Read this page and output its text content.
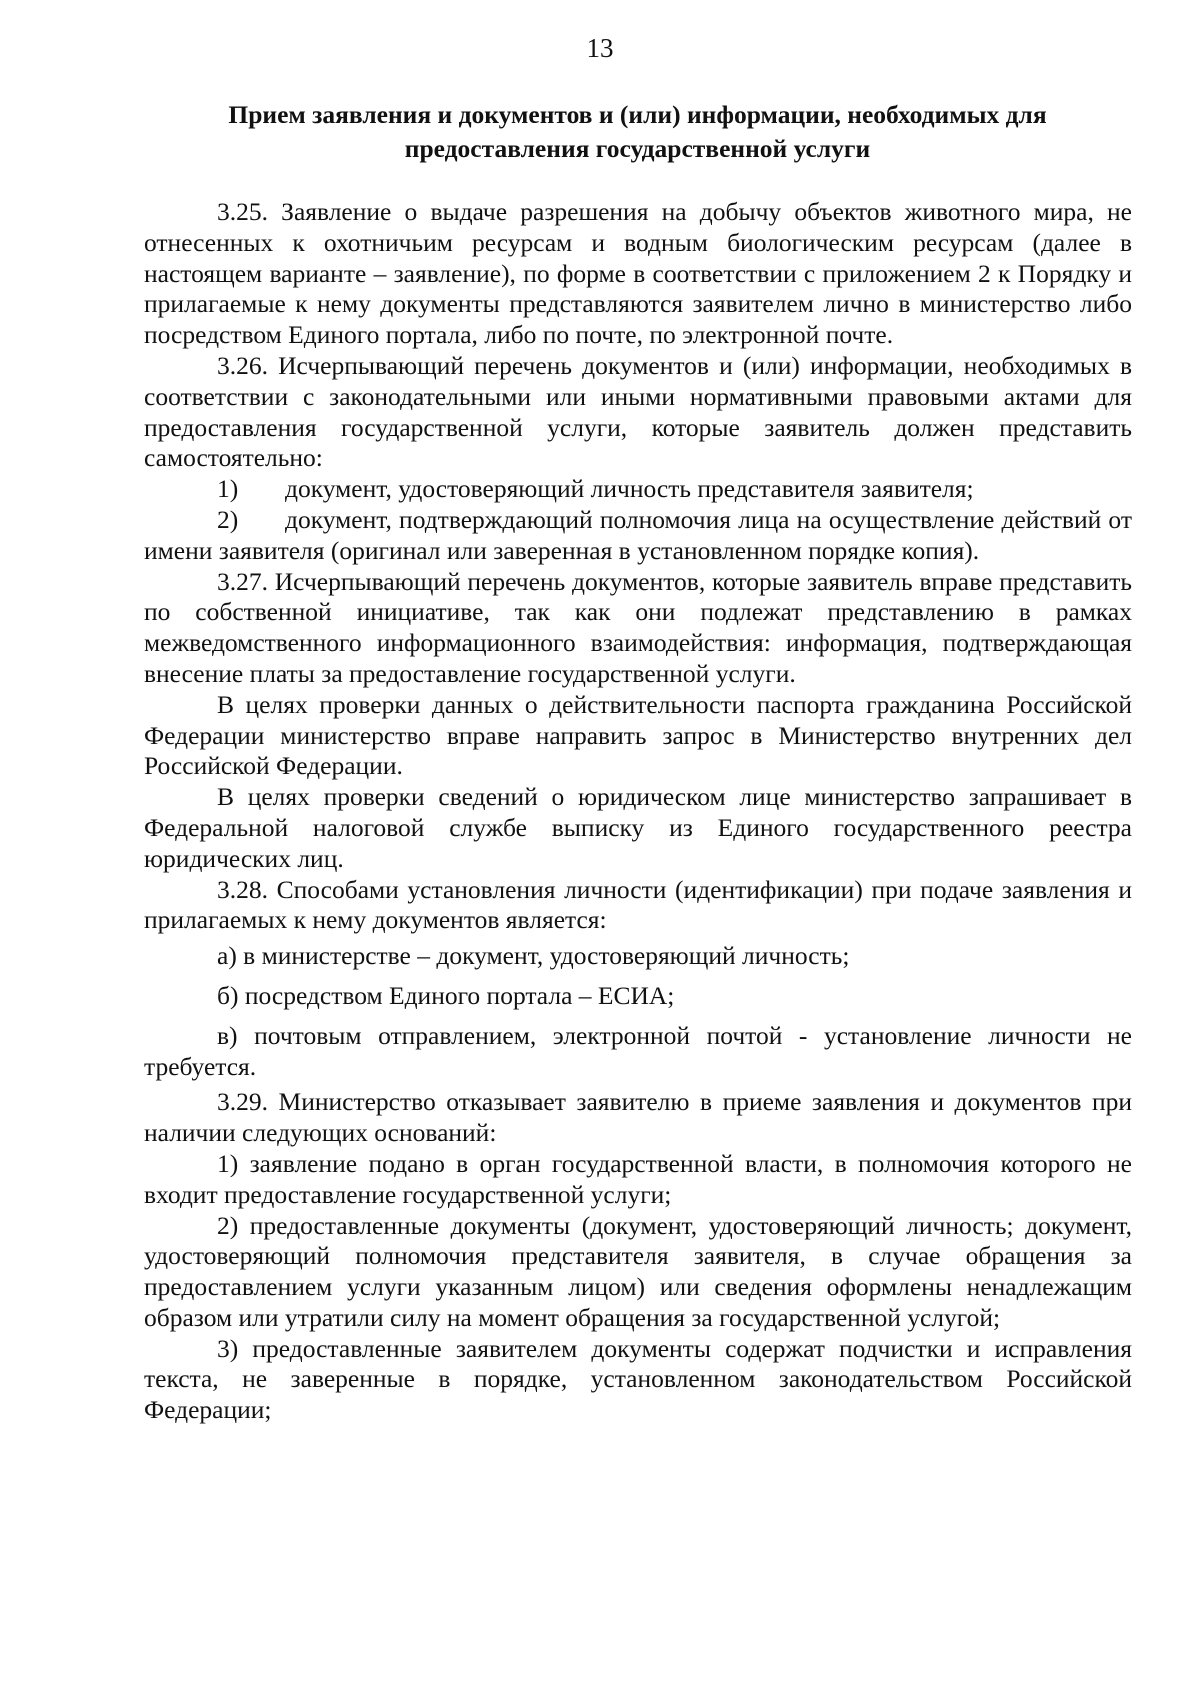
13
Прием заявления и документов и (или) информации, необходимых для
предоставления государственной услуги

3.25. Заявление о выдаче разрешения на добычу объектов животного мира, не отнесенных к охотничьим ресурсам и водным биологическим ресурсам (далее в настоящем варианте – заявление), по форме в соответствии с приложением 2 к Порядку и прилагаемые к нему документы представляются заявителем лично в министерство либо посредством Единого портала, либо по почте, по электронной почте.

3.26. Исчерпывающий перечень документов и (или) информации, необходимых в соответствии с законодательными или иными нормативными правовыми актами для предоставления государственной услуги, которые заявитель должен представить самостоятельно:

1) документ, удостоверяющий личность представителя заявителя;

2) документ, подтверждающий полномочия лица на осуществление действий от имени заявителя (оригинал или заверенная в установленном порядке копия).

3.27. Исчерпывающий перечень документов, которые заявитель вправе представить по собственной инициативе, так как они подлежат представлению в рамках межведомственного информационного взаимодействия: информация, подтверждающая внесение платы за предоставление государственной услуги.

В целях проверки данных о действительности паспорта гражданина Российской Федерации министерство вправе направить запрос в Министерство внутренних дел Российской Федерации.

В целях проверки сведений о юридическом лице министерство запрашивает в Федеральной налоговой службе выписку из Единого государственного реестра юридических лиц.

3.28. Способами установления личности (идентификации) при подаче заявления и прилагаемых к нему документов является:

а) в министерстве – документ, удостоверяющий личность;

б) посредством Единого портала – ЕСИА;

в) почтовым отправлением, электронной почтой - установление личности не требуется.

3.29. Министерство отказывает заявителю в приеме заявления и документов при наличии следующих оснований:

1) заявление подано в орган государственной власти, в полномочия которого не входит предоставление государственной услуги;

2) предоставленные документы (документ, удостоверяющий личность; документ, удостоверяющий полномочия представителя заявителя, в случае обращения за предоставлением услуги указанным лицом) или сведения оформлены ненадлежащим образом или утратили силу на момент обращения за государственной услугой;

3) предоставленные заявителем документы содержат подчистки и исправления текста, не заверенные в порядке, установленном законодательством Российской Федерации;
